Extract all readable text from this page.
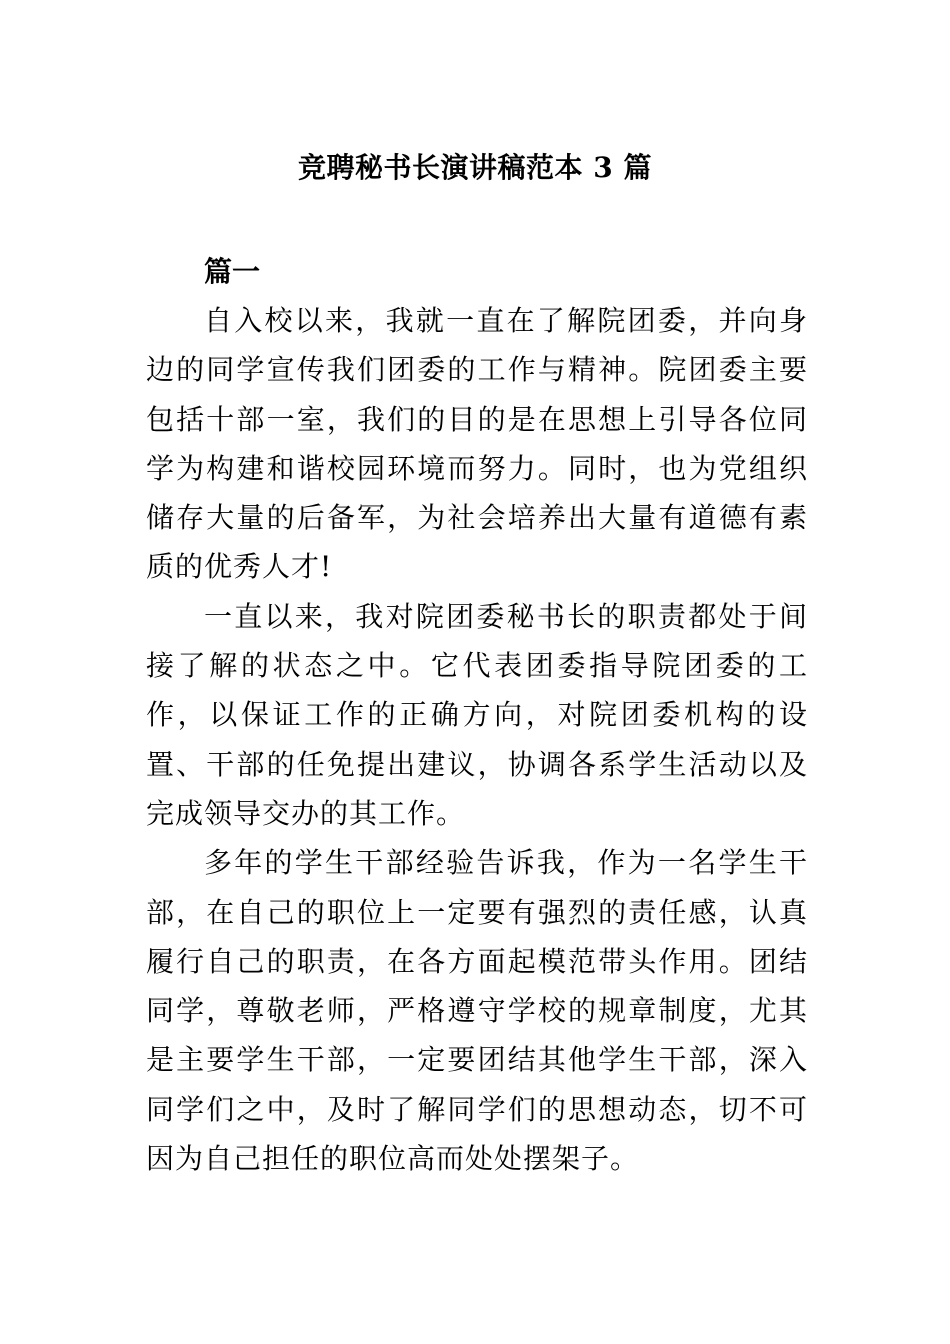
竞聘秘书长演讲稿范本 3 篇

篇一

自入校以来，我就一直在了解院团委，并向身边的同学宣传我们团委的工作与精神。院团委主要包括十部一室，我们的目的是在思想上引导各位同学为构建和谐校园环境而努力。同时，也为党组织储存大量的后备军，为社会培养出大量有道德有素质的优秀人才!

一直以来，我对院团委秘书长的职责都处于间接了解的状态之中。它代表团委指导院团委的工作，以保证工作的正确方向，对院团委机构的设置、干部的任免提出建议，协调各系学生活动以及完成领导交办的其工作。

多年的学生干部经验告诉我，作为一名学生干部，在自己的职位上一定要有强烈的责任感，认真履行自己的职责，在各方面起模范带头作用。团结同学，尊敬老师，严格遵守学校的规章制度，尤其是主要学生干部，一定要团结其他学生干部，深入同学们之中，及时了解同学们的思想动态，切不可因为自己担任的职位高而处处摆架子。
